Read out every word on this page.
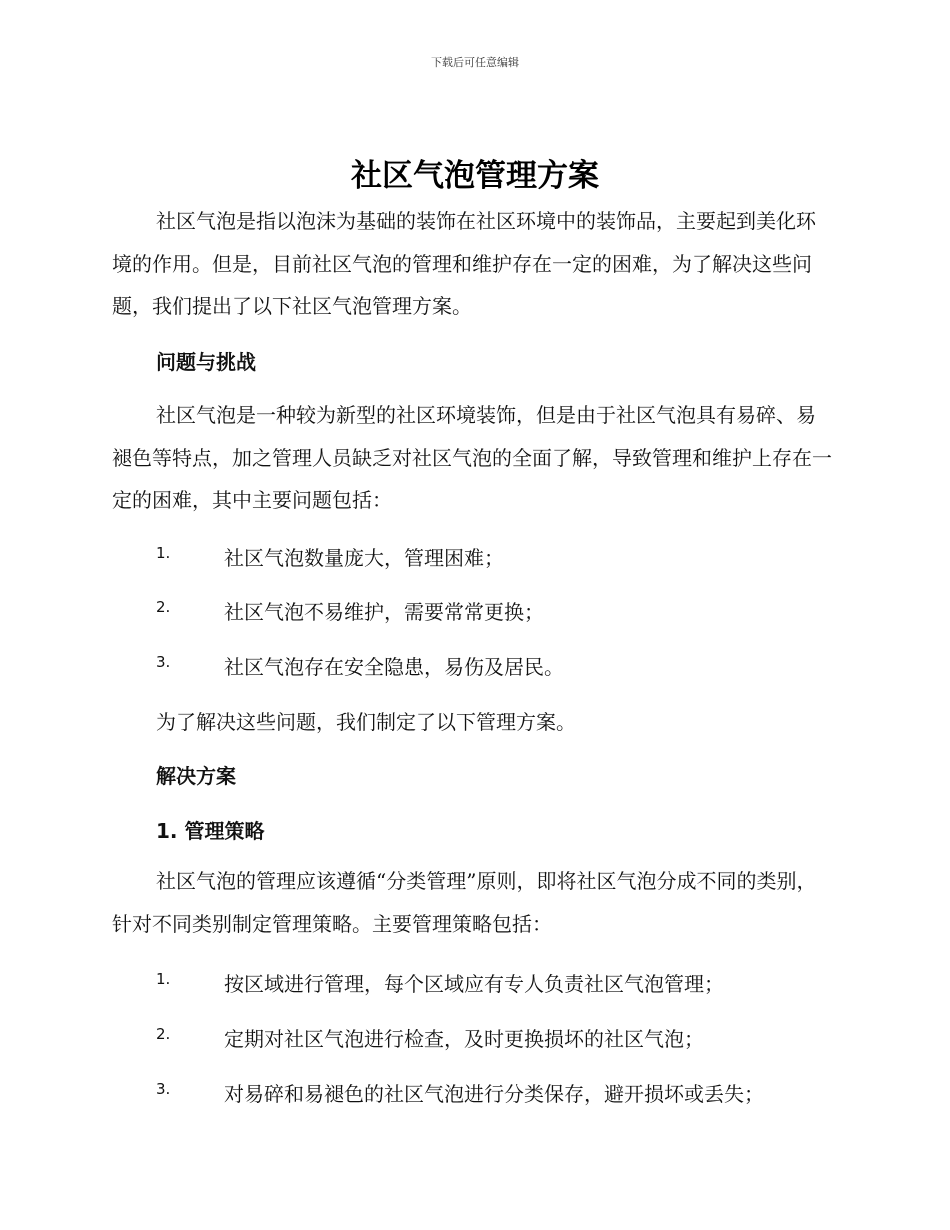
下载后可任意编辑
社区气泡管理方案

社区气泡是指以泡沫为基础的装饰在社区环境中的装饰品，主要起到美化环境的作用。但是，目前社区气泡的管理和维护存在一定的困难，为了解决这些问题，我们提出了以下社区气泡管理方案。

问题与挑战

社区气泡是一种较为新型的社区环境装饰，但是由于社区气泡具有易碎、易褪色等特点，加之管理人员缺乏对社区气泡的全面了解，导致管理和维护上存在一定的困难，其中主要问题包括：

1.	社区气泡数量庞大，管理困难；
2.	社区气泡不易维护，需要常常更换；
3.	社区气泡存在安全隐患，易伤及居民。

为了解决这些问题，我们制定了以下管理方案。

解决方案
1. 管理策略

社区气泡的管理应该遵循“分类管理”原则，即将社区气泡分成不同的类别，针对不同类别制定管理策略。主要管理策略包括：

1.	按区域进行管理，每个区域应有专人负责社区气泡管理；
2.	定期对社区气泡进行检查，及时更换损坏的社区气泡；
3.	对易碎和易褪色的社区气泡进行分类保存，避开损坏或丢失；
